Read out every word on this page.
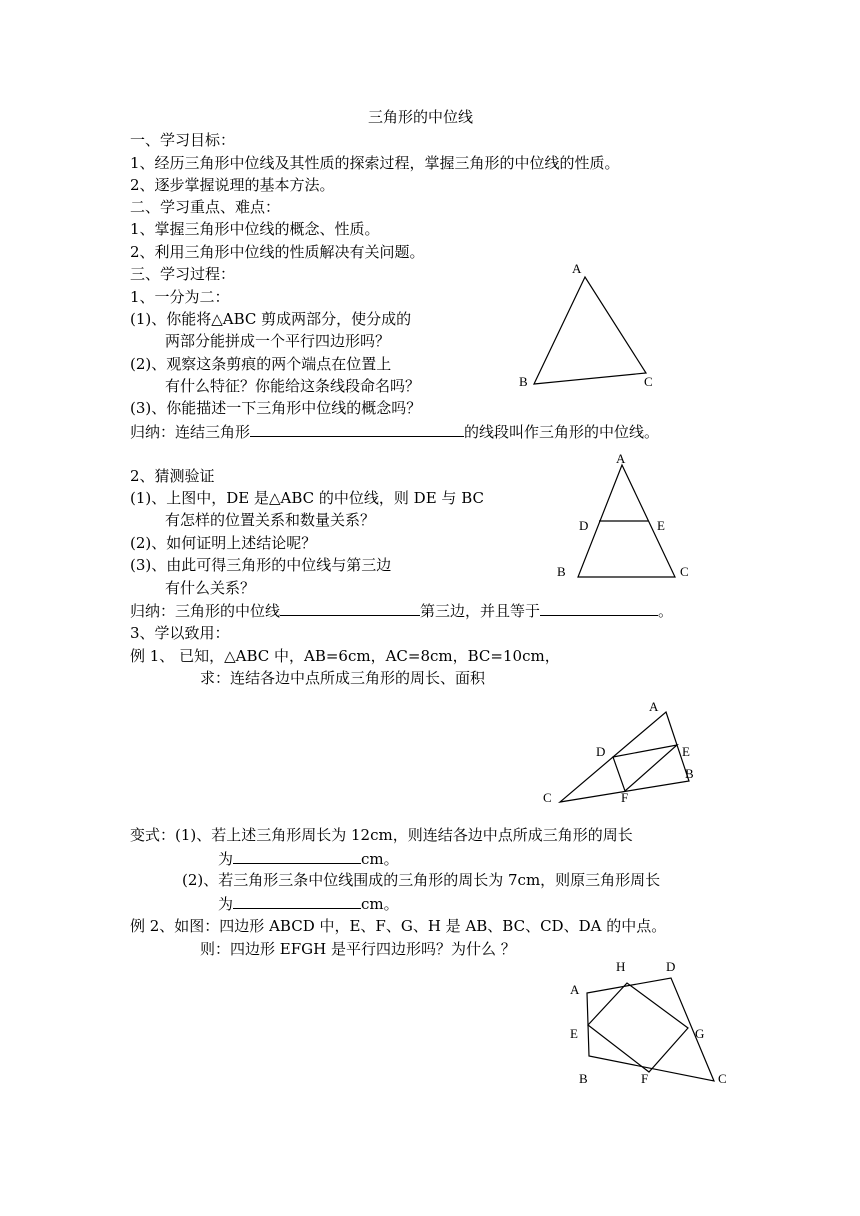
三角形的中位线
一、学习目标：
1、经历三角形中位线及其性质的探索过程，掌握三角形的中位线的性质。
2、逐步掌握说理的基本方法。
二、学习重点、难点：
1、掌握三角形中位线的概念、性质。
2、利用三角形中位线的性质解决有关问题。
三、学习过程：
1、一分为二：
(1)、你能将△ABC 剪成两部分，使分成的
两部分能拼成一个平行四边形吗？
(2)、观察这条剪痕的两个端点在位置上
有什么特征？你能给这条线段命名吗？
(3)、你能描述一下三角形中位线的概念吗？
归纳：连结三角形	的线段叫作三角形的中位线。
2、猜测验证
(1)、上图中，DE 是△ABC 的中位线，则 DE 与 BC
有怎样的位置关系和数量关系？
(2)、如何证明上述结论呢？
(3)、由此可得三角形的中位线与第三边
有什么关系？
归纳：三角形的中位线	第三边，并且等于	。
3、学以致用：
例 1、 已知，△ABC 中，AB=6cm，AC=8cm，BC=10cm，
求：连结各边中点所成三角形的周长、面积
变式：(1)、若上述三角形周长为 12cm，则连结各边中点所成三角形的周长
为	cm。
(2)、若三角形三条中位线围成的三角形的周长为 7cm，则原三角形周长
为	cm。
例 2、如图：四边形 ABCD 中，E、F、G、H 是 AB、BC、CD、DA 的中点。
则：四边形 EFGH 是平行四边形吗？为什么 ？
A
B	C
A
D	E
B	C
A
D	E
B
C	F
H	D
A
E	G
B	F	C
